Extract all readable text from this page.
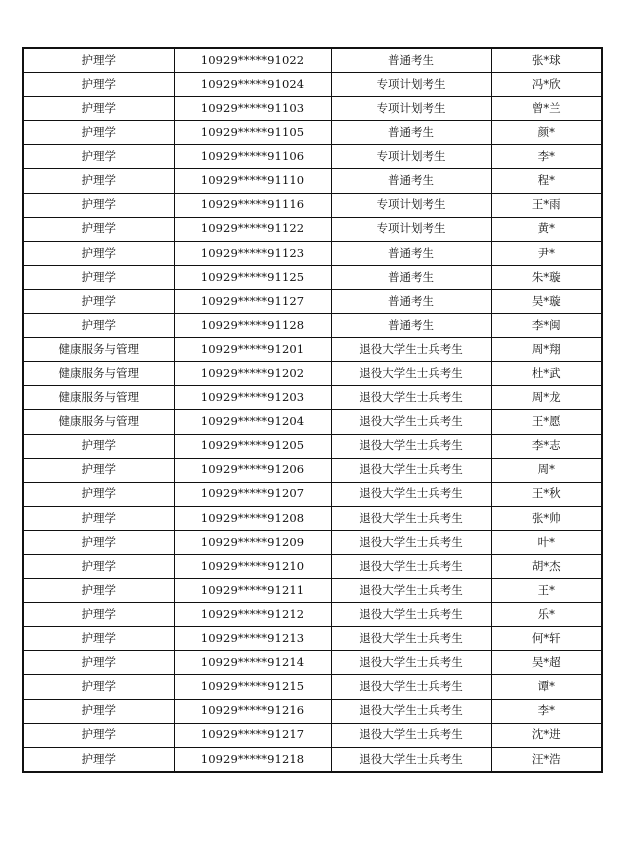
护理学	10929*****91022	普通考生	张*球
护理学	10929*****91024	专项计划考生	冯*欣
护理学	10929*****91103	专项计划考生	曾*兰
护理学	10929*****91105	普通考生	颜*
护理学	10929*****91106	专项计划考生	李*
护理学	10929*****91110	普通考生	程*
护理学	10929*****91116	专项计划考生	王*雨
护理学	10929*****91122	专项计划考生	黄*
护理学	10929*****91123	普通考生	尹*
护理学	10929*****91125	普通考生	朱*璇
护理学	10929*****91127	普通考生	吴*璇
护理学	10929*****91128	普通考生	李*闽
健康服务与管理	10929*****91201	退役大学生士兵考生	周*翔
健康服务与管理	10929*****91202	退役大学生士兵考生	杜*武
健康服务与管理	10929*****91203	退役大学生士兵考生	周*龙
健康服务与管理	10929*****91204	退役大学生士兵考生	王*愿
护理学	10929*****91205	退役大学生士兵考生	李*志
护理学	10929*****91206	退役大学生士兵考生	周*
护理学	10929*****91207	退役大学生士兵考生	王*秋
护理学	10929*****91208	退役大学生士兵考生	张*帅
护理学	10929*****91209	退役大学生士兵考生	叶*
护理学	10929*****91210	退役大学生士兵考生	胡*杰
护理学	10929*****91211	退役大学生士兵考生	王*
护理学	10929*****91212	退役大学生士兵考生	乐*
护理学	10929*****91213	退役大学生士兵考生	何*轩
护理学	10929*****91214	退役大学生士兵考生	吴*超
护理学	10929*****91215	退役大学生士兵考生	谭*
护理学	10929*****91216	退役大学生士兵考生	李*
护理学	10929*****91217	退役大学生士兵考生	沈*进
护理学	10929*****91218	退役大学生士兵考生	汪*浩
